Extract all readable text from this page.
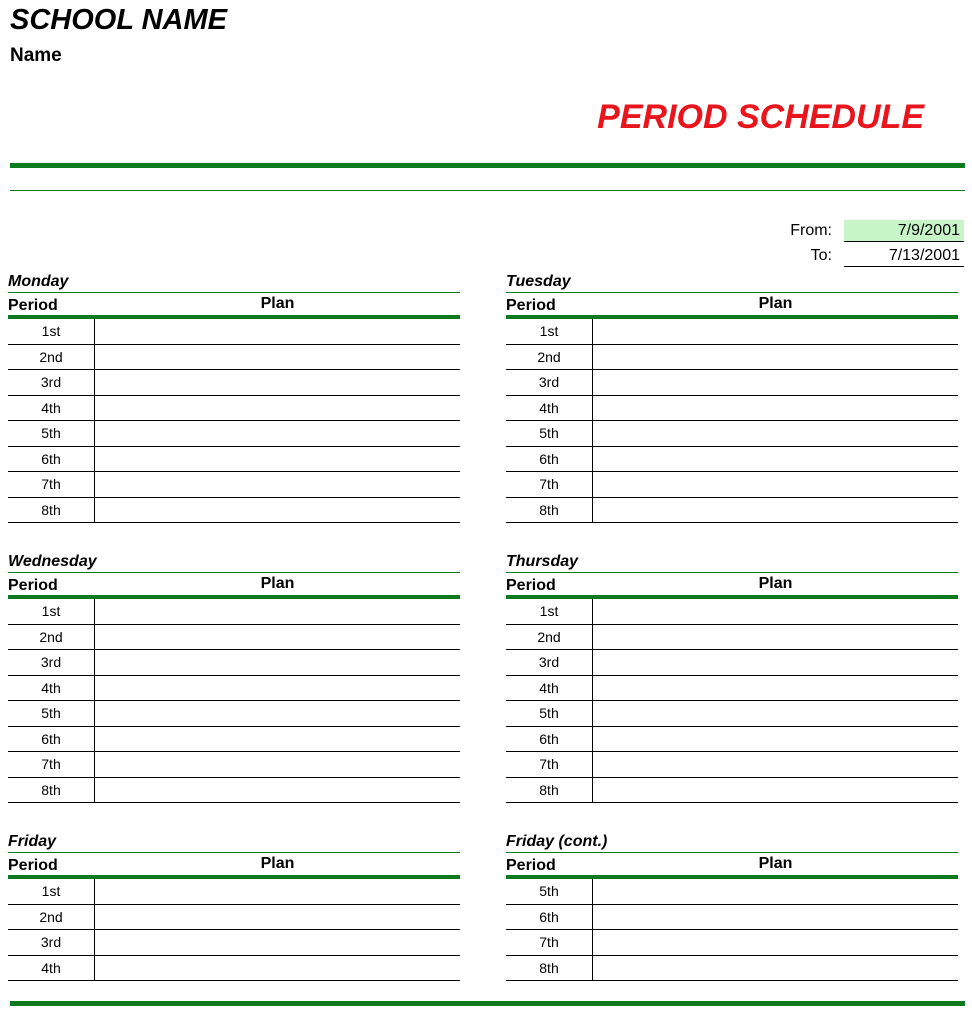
SCHOOL NAME
Name
PERIOD SCHEDULE
From:	7/9/2001
To:	7/13/2001
Monday
Period	Plan
1st
2nd
3rd
4th
5th
6th
7th
8th
Tuesday
Period	Plan
1st
2nd
3rd
4th
5th
6th
7th
8th
Wednesday
Period	Plan
1st
2nd
3rd
4th
5th
6th
7th
8th
Thursday
Period	Plan
1st
2nd
3rd
4th
5th
6th
7th
8th
Friday
Period	Plan
1st
2nd
3rd
4th
Friday (cont.)
Period	Plan
5th
6th
7th
8th
